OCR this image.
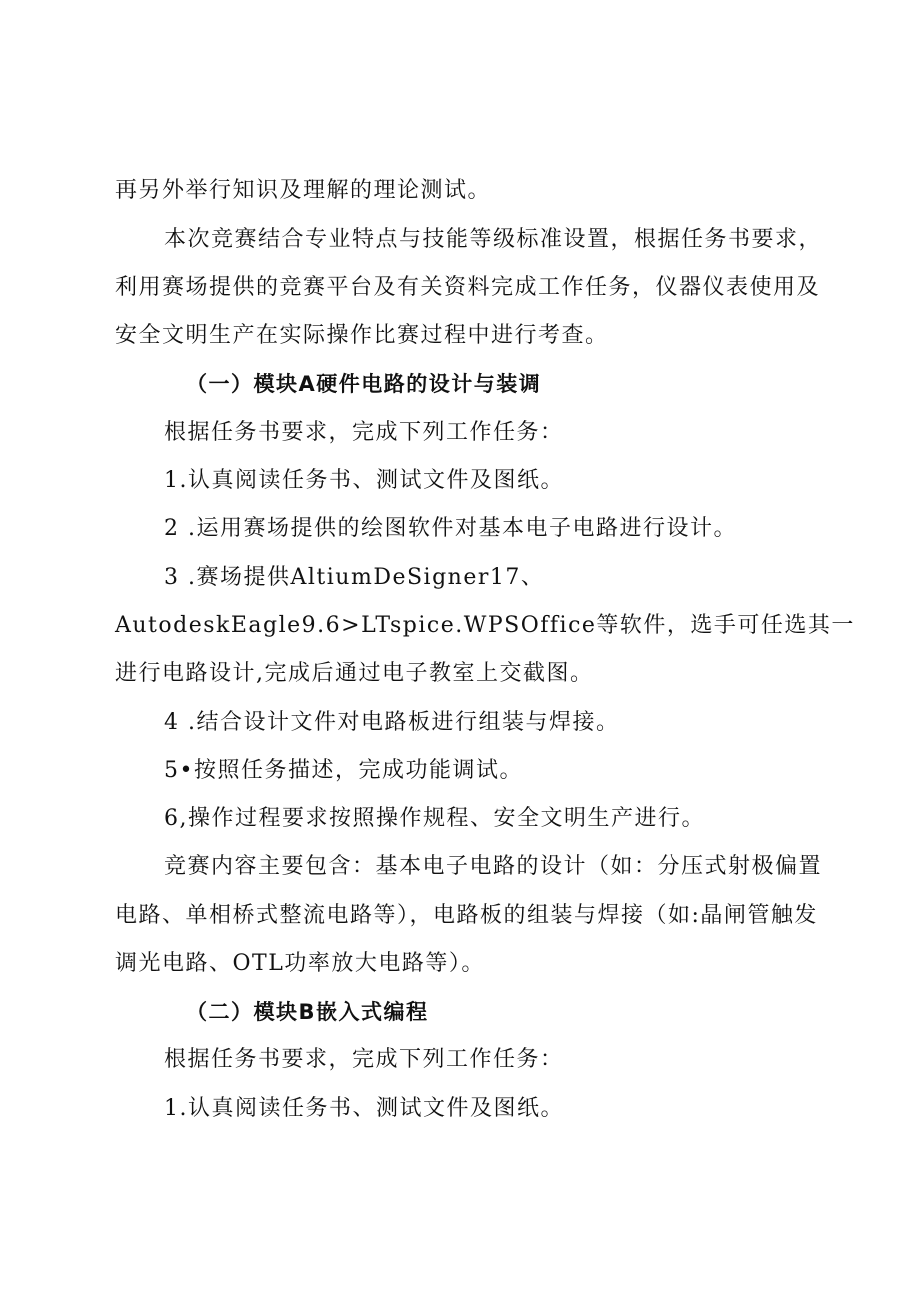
再另外举行知识及理解的理论测试。
本次竞赛结合专业特点与技能等级标准设置，根据任务书要求，
利用赛场提供的竞赛平台及有关资料完成工作任务，仪器仪表使用及
安全文明生产在实际操作比赛过程中进行考查。
（一）模块A硬件电路的设计与装调
根据任务书要求，完成下列工作任务：
1.认真阅读任务书、测试文件及图纸。
2 .运用赛场提供的绘图软件对基本电子电路进行设计。
3 .赛场提供AltiumDeSigner17、
AutodeskEagle9.6>LTspice.WPSOffice等软件，选手可任选其一
进行电路设计,完成后通过电子教室上交截图。
4 .结合设计文件对电路板进行组装与焊接。
5•按照任务描述，完成功能调试。
6,操作过程要求按照操作规程、安全文明生产进行。
竞赛内容主要包含：基本电子电路的设计（如：分压式射极偏置
电路、单相桥式整流电路等），电路板的组装与焊接（如:晶闸管触发
调光电路、OTL功率放大电路等）。
（二）模块B嵌入式编程
根据任务书要求，完成下列工作任务：
1.认真阅读任务书、测试文件及图纸。
